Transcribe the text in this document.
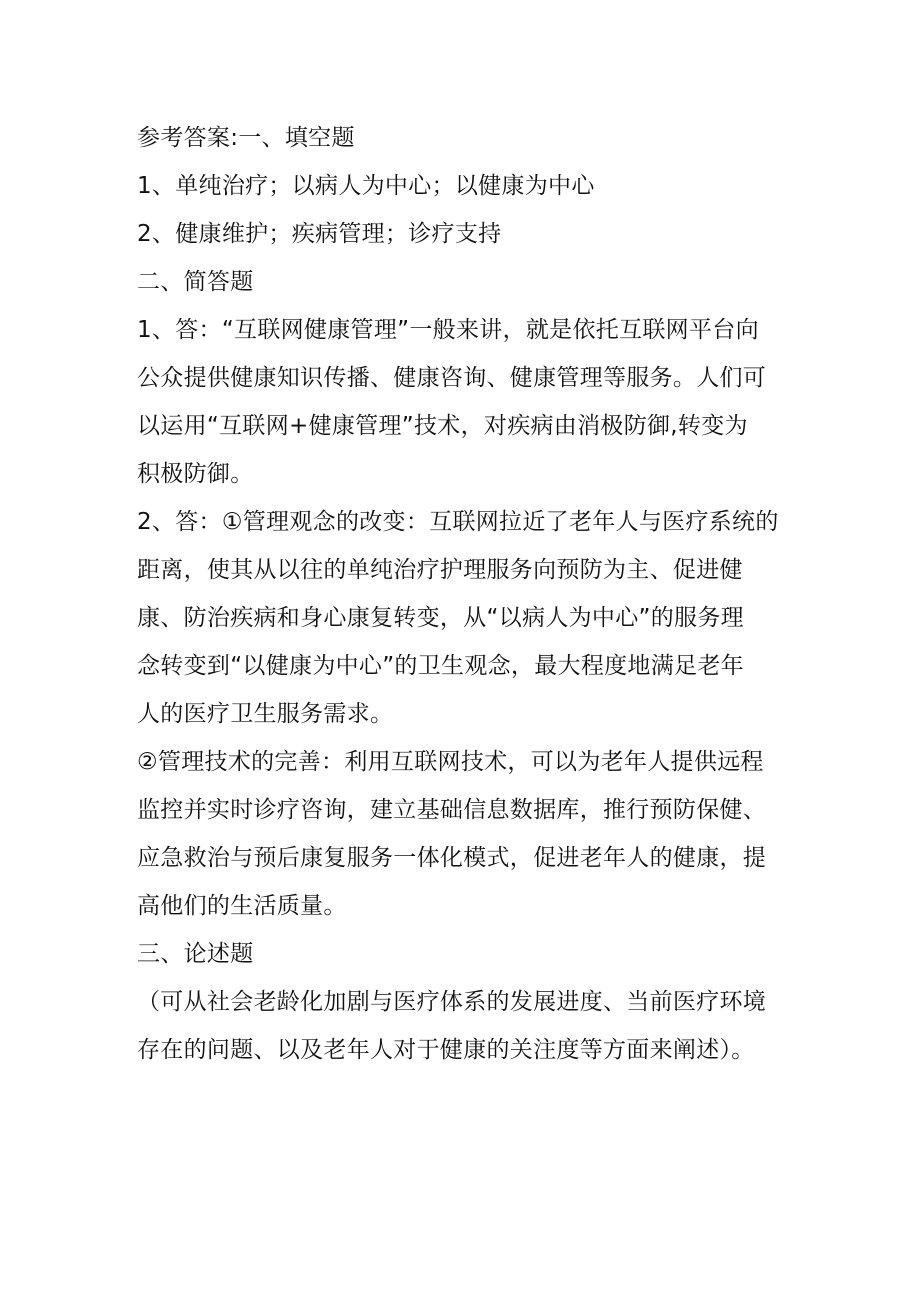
参考答案:一、填空题
1、单纯治疗；以病人为中心；以健康为中心
2、健康维护；疾病管理；诊疗支持
二、简答题
1、答：“互联网健康管理”一般来讲，就是依托互联网平台向
公众提供健康知识传播、健康咨询、健康管理等服务。人们可
以运用“互联网+健康管理”技术，对疾病由消极防御,转变为
积极防御。
2、答：①管理观念的改变：互联网拉近了老年人与医疗系统的
距离，使其从以往的单纯治疗护理服务向预防为主、促进健
康、防治疾病和身心康复转变，从“以病人为中心”的服务理
念转变到“以健康为中心”的卫生观念，最大程度地满足老年
人的医疗卫生服务需求。
②管理技术的完善：利用互联网技术，可以为老年人提供远程
监控并实时诊疗咨询，建立基础信息数据库，推行预防保健、
应急救治与预后康复服务一体化模式，促进老年人的健康，提
高他们的生活质量。
三、论述题
（可从社会老龄化加剧与医疗体系的发展进度、当前医疗环境
存在的问题、以及老年人对于健康的关注度等方面来阐述）。
